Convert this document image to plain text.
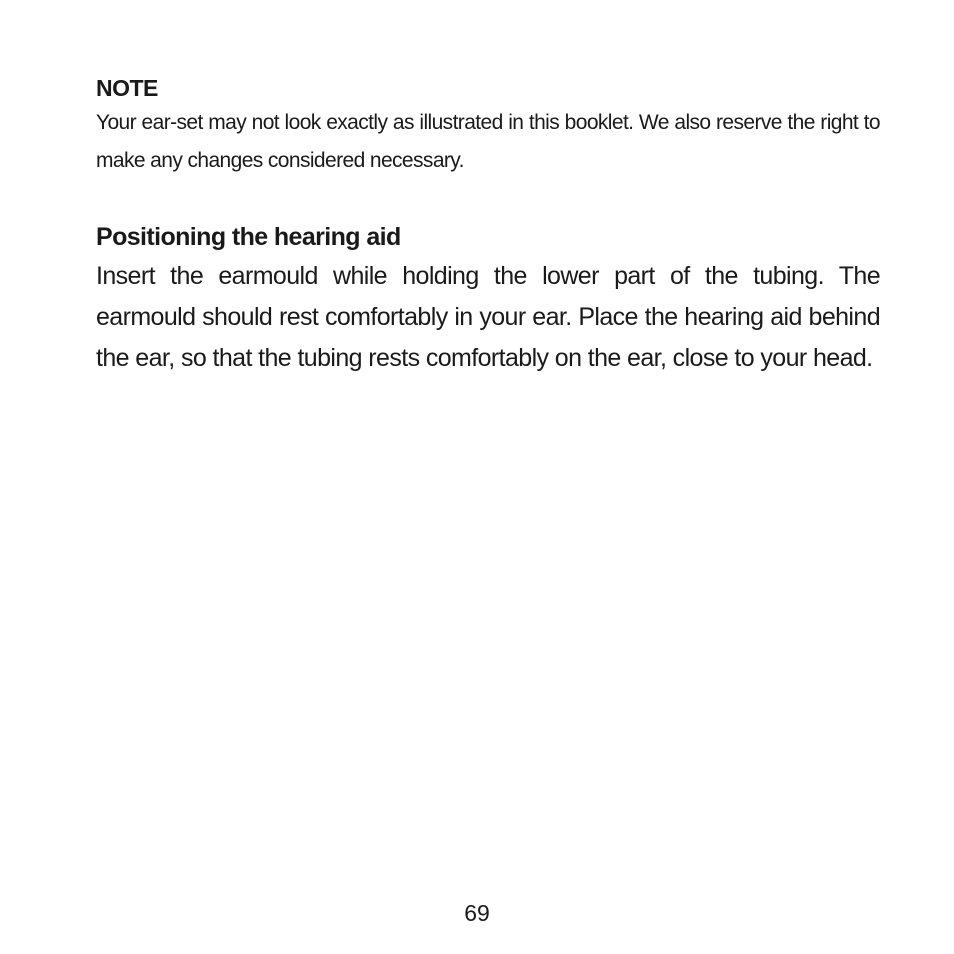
NOTE

Your ear-set may not look exactly as illustrated in this booklet. We also reserve the right to make any changes considered necessary.

Positioning the hearing aid

Insert the earmould while holding the lower part of the tubing. The earmould should rest comfortably in your ear. Place the hearing aid behind the ear, so that the tubing rests comfortably on the ear, close to your head.

69
